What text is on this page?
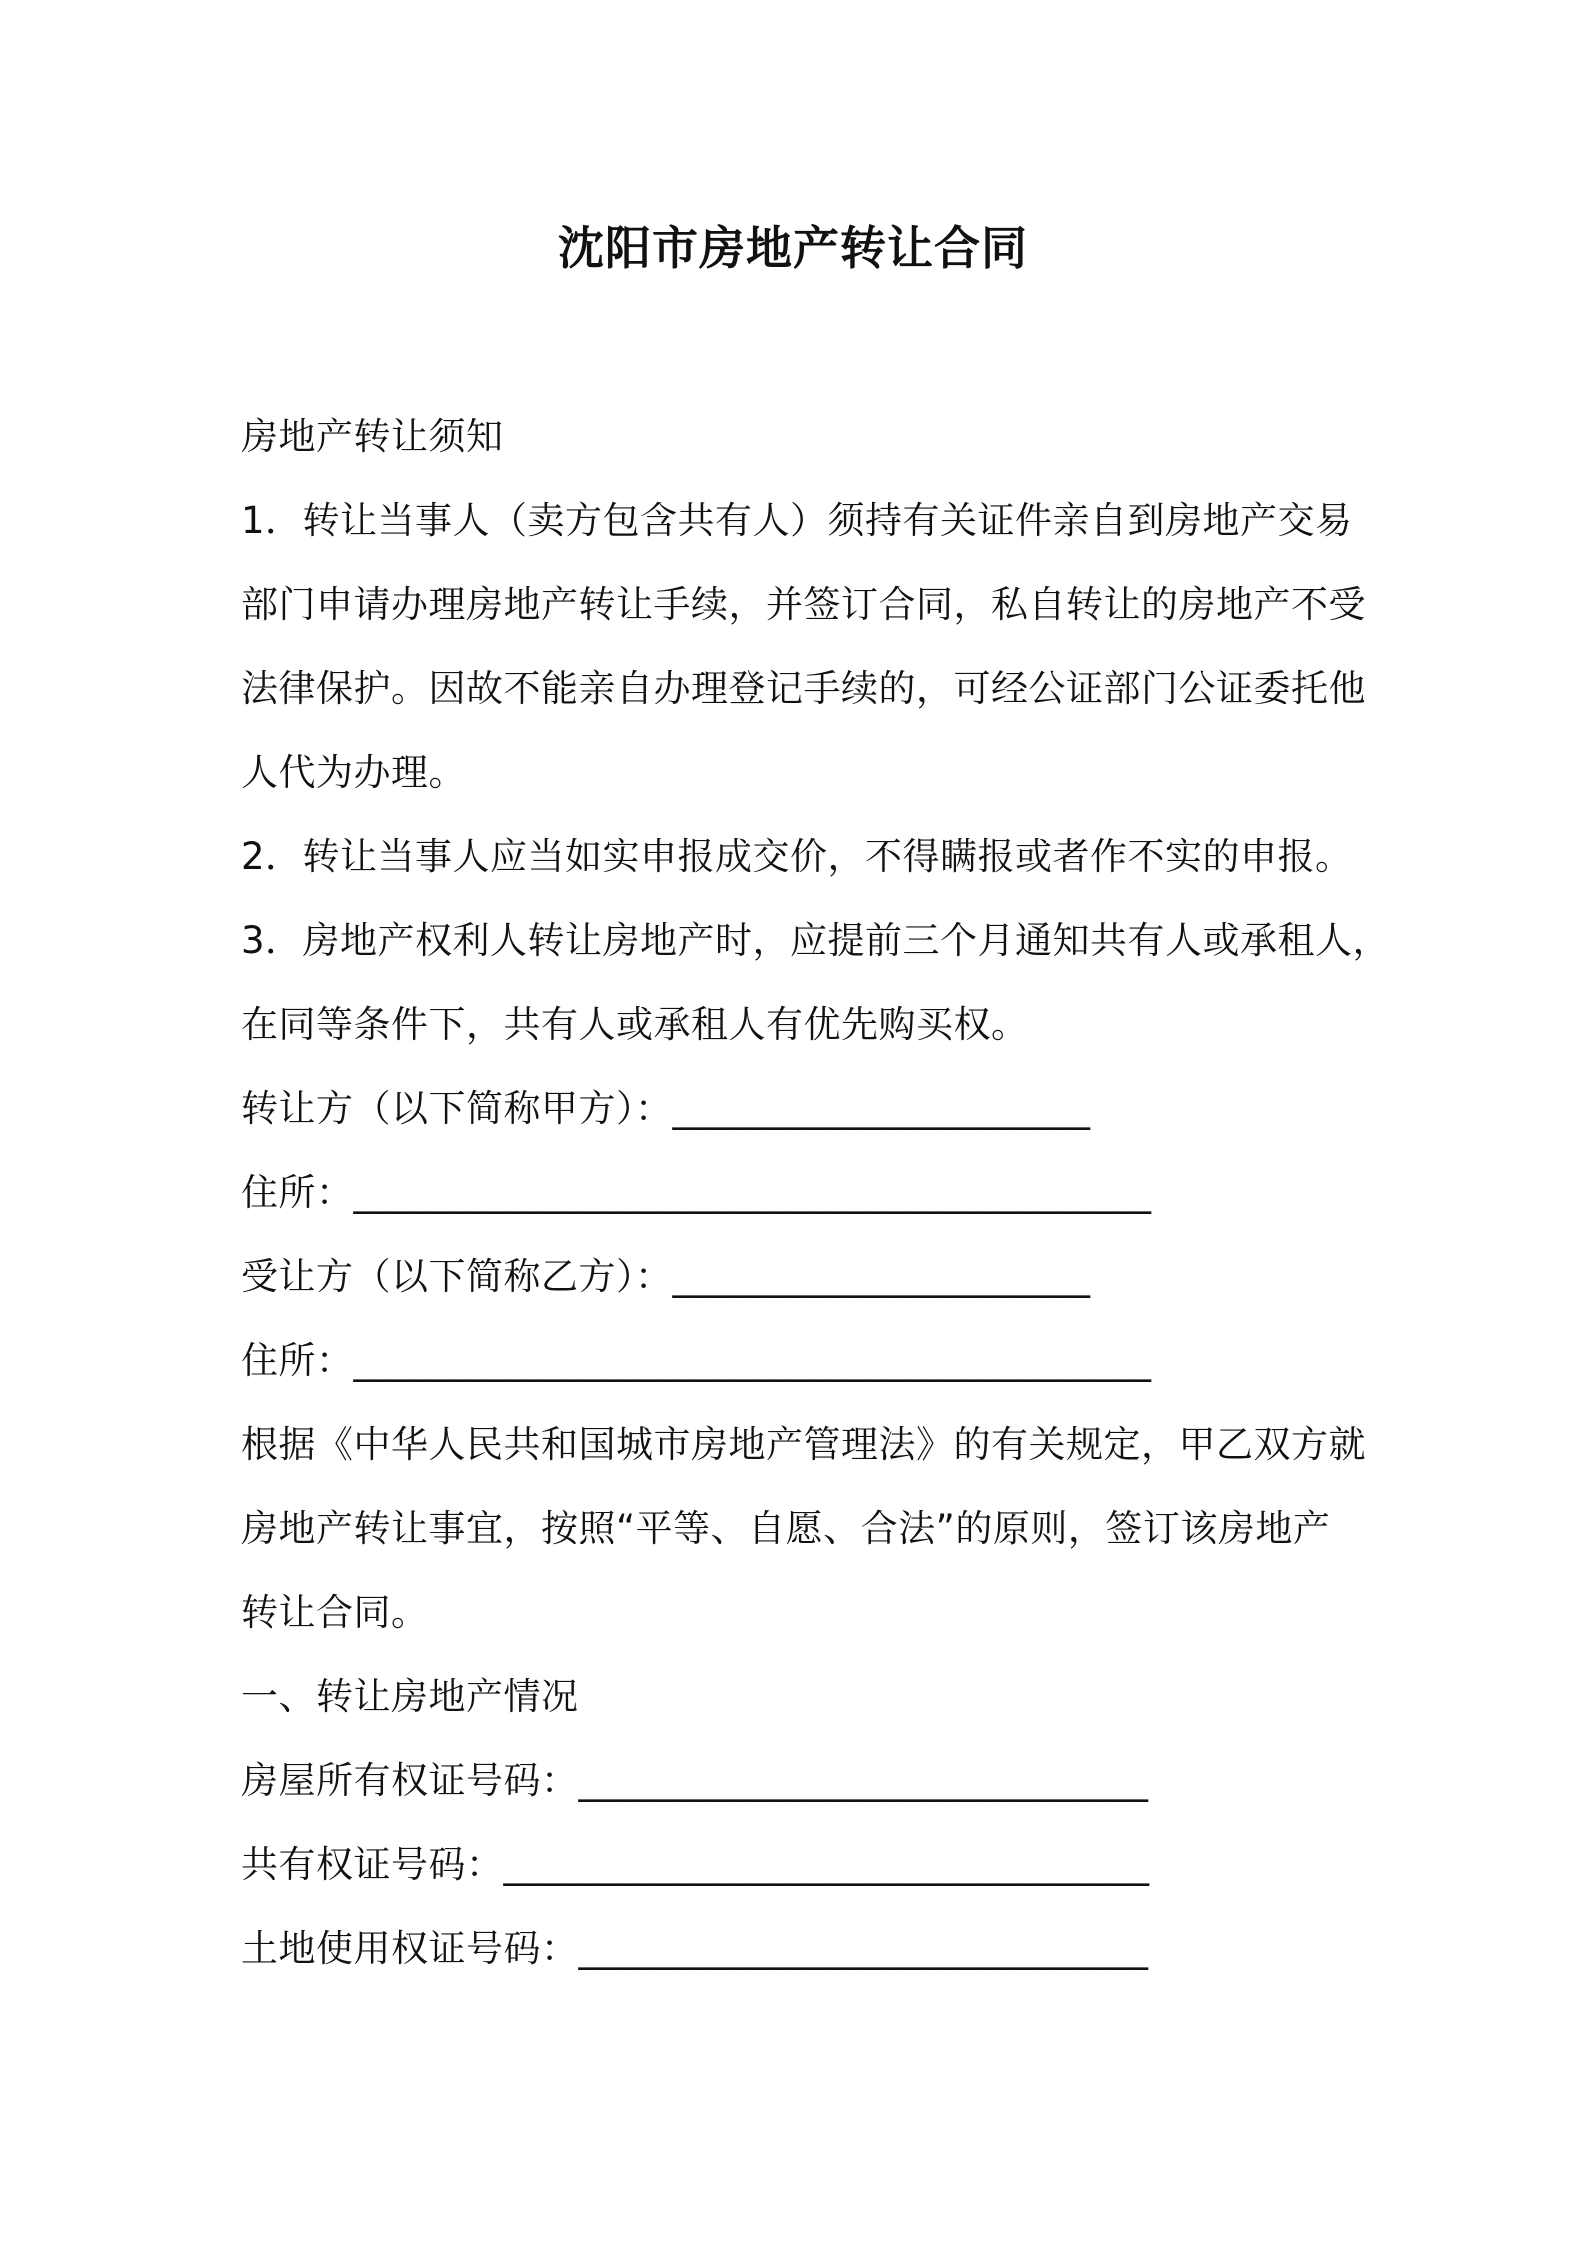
沈阳市房地产转让合同
房地产转让须知
1．转让当事人（卖方包含共有人）须持有关证件亲自到房地产交易
部门申请办理房地产转让手续，并签订合同，私自转让的房地产不受
法律保护。因故不能亲自办理登记手续的，可经公证部门公证委托他
人代为办理。
2．转让当事人应当如实申报成交价，不得瞒报或者作不实的申报。
3．房地产权利人转让房地产时，应提前三个月通知共有人或承租人，
在同等条件下，共有人或承租人有优先购买权。
转让方（以下简称甲方）：______________________
住所：__________________________________________
受让方（以下简称乙方）：______________________
住所：__________________________________________
根据《中华人民共和国城市房地产管理法》的有关规定，甲乙双方就
房地产转让事宜，按照“平等、自愿、合法”的原则，签订该房地产
转让合同。
一、转让房地产情况
房屋所有权证号码：______________________________
共有权证号码：__________________________________
土地使用权证号码：______________________________
